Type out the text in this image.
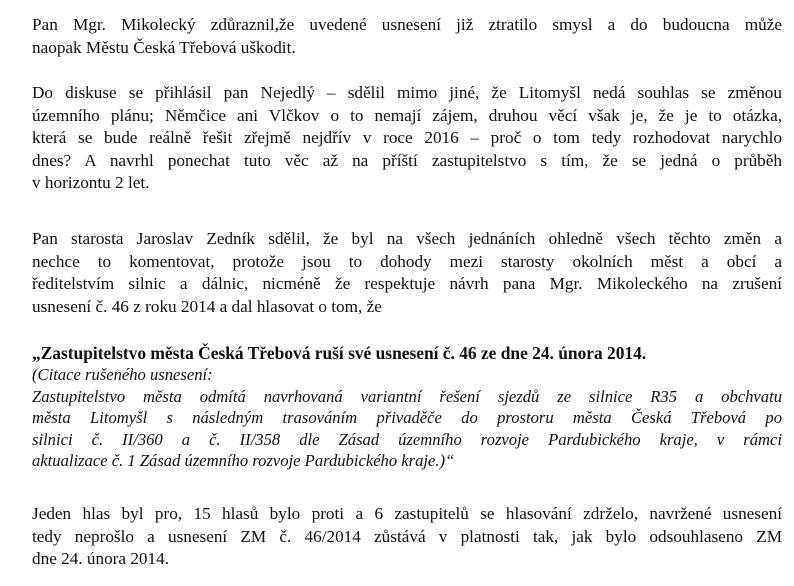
Pan Mgr. Mikolecký zdůraznil,že uvedené usnesení již ztratilo smysl a do budoucna může
naopak Městu Česká Třebová uškodit.

Do diskuse se přihlásil pan Nejedlý – sdělil mimo jiné, že Litomyšl nedá souhlas se změnou
územního plánu; Němčice ani Vlčkov o to nemají zájem, druhou věcí však je, že je to otázka,
která se bude reálně řešit zřejmě nejdřív v roce 2016 – proč o tom tedy rozhodovat narychlo
dnes? A navrhl ponechat tuto věc až na příští zastupitelstvo s tím, že se jedná o průběh
v horizontu 2 let.

Pan starosta Jaroslav Zedník sdělil, že byl na všech jednáních ohledně všech těchto změn a
nechce to komentovat, protože jsou to dohody mezi starosty okolních měst a obcí a
ředitelstvím silnic a dálnic, nicméně že respektuje návrh pana Mgr. Mikoleckého na zrušení
usnesení č. 46 z roku 2014 a dal hlasovat o tom, že

„Zastupitelstvo města Česká Třebová ruší své usnesení č. 46 ze dne 24. února 2014.
(Citace rušeného usnesení:
Zastupitelstvo města odmítá navrhovaná variantní řešení sjezdů ze silnice R35 a obchvatu
města Litomyšl s následným trasováním přivaděče do prostoru města Česká Třebová po
silnici č. II/360 a č. II/358 dle Zásad územního rozvoje Pardubického kraje, v rámci
aktualizace č. 1 Zásad územního rozvoje Pardubického kraje.)“

Jeden hlas byl pro, 15 hlasů bylo proti a 6 zastupitelů se hlasování zdrželo, navržené usnesení
tedy neprošlo a usnesení ZM č. 46/2014 zůstává v platnosti tak, jak bylo odsouhlaseno ZM
dne 24. února 2014.
